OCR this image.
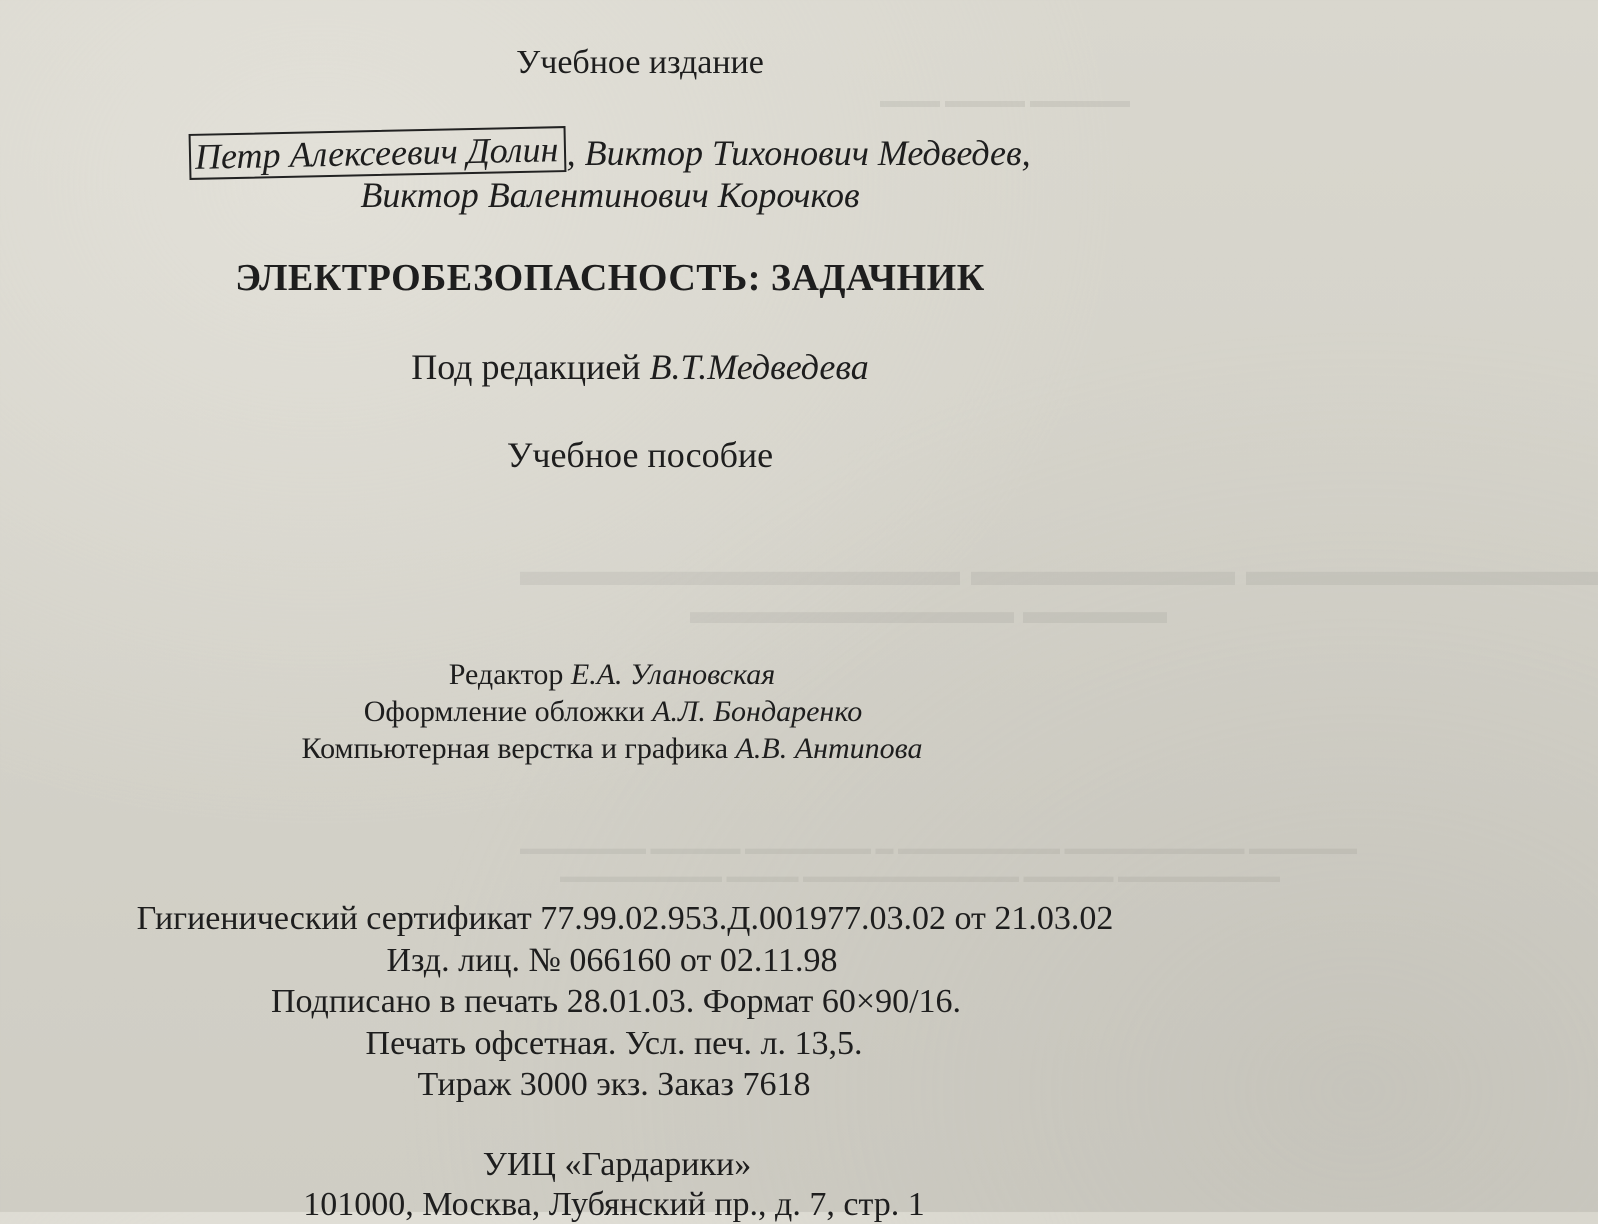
▬▬▬ ▬▬▬▬ ▬▬▬▬▬
▬▬▬▬▬▬▬▬ ▬▬▬▬▬▬ ▬▬▬▬▬▬▬▬▬▬
▬▬▬▬▬▬▬▬▬ ▬▬▬▬
▬▬▬▬▬▬▬ ▬▬▬▬▬ ▬▬▬▬▬▬▬ ▬ ▬▬▬▬▬▬▬▬▬ ▬▬▬▬▬▬▬▬▬▬ ▬▬▬▬▬▬
▬▬▬▬▬▬▬▬▬ ▬▬▬▬ ▬▬▬▬▬▬▬▬▬▬▬▬ ▬▬▬▬▬ ▬▬▬▬▬▬▬▬▬
Учебное издание
Петр Алексеевич Долин , Виктор Тихонович Медведев,
Виктор Валентинович Корочков
ЭЛЕКТРОБЕЗОПАСНОСТЬ: ЗАДАЧНИК
Под редакцией В.Т.Медведева
Учебное пособие
Редактор Е.А. Улановская
Оформление обложки А.Л. Бондаренко
Компьютерная верстка и графика А.В. Антипова
Гигиенический сертификат 77.99.02.953.Д.001977.03.02 от 21.03.02
Изд. лиц. № 066160 от 02.11.98
Подписано в печать 28.01.03. Формат 60×90/16.
Печать офсетная. Усл. печ. л. 13,5.
Тираж 3000 экз. Заказ 7618
УИЦ «Гардарики»
101000, Москва, Лубянский пр., д. 7, стр. 1
